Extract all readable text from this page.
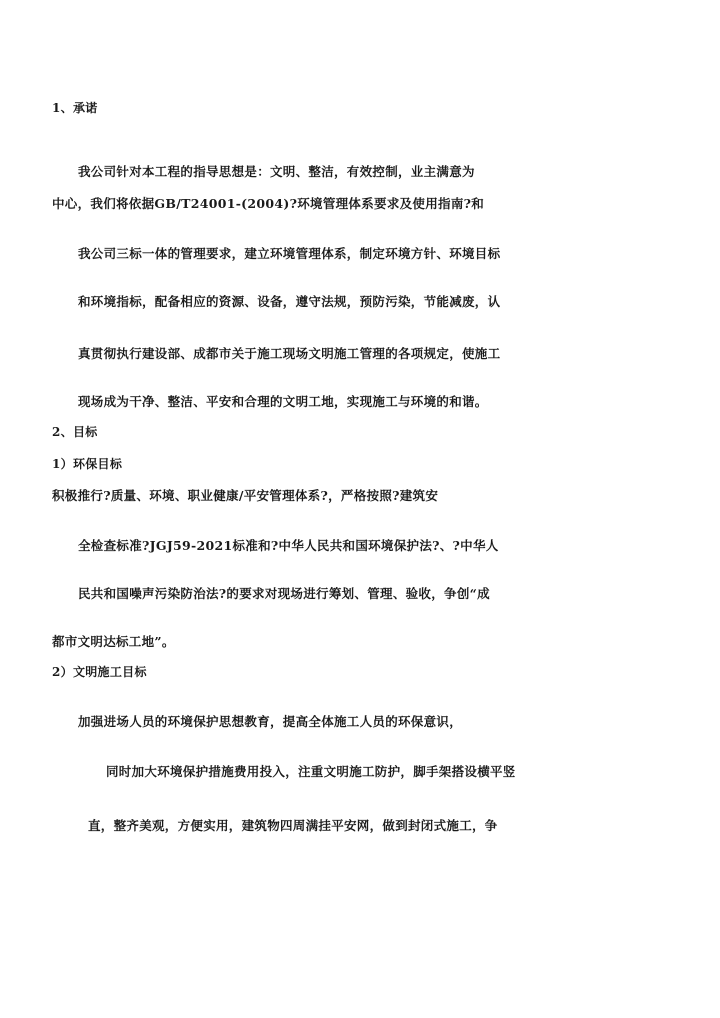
1、承诺
我公司针对本工程的指导思想是：文明、整洁，有效控制，业主满意为
中心，我们将依据GB/T24001-(2004)?环境管理体系要求及使用指南?和
我公司三标一体的管理要求，建立环境管理体系，制定环境方针、环境目标
和环境指标，配备相应的资源、设备，遵守法规，预防污染，节能减废，认
真贯彻执行建设部、成都市关于施工现场文明施工管理的各项规定，使施工
现场成为干净、整洁、平安和合理的文明工地，实现施工与环境的和谐。
2、目标
1）环保目标
积极推行?质量、环境、职业健康/平安管理体系?，严格按照?建筑安
全检查标准?JGJ59-2021标准和?中华人民共和国环境保护法?、?中华人
民共和国噪声污染防治法?的要求对现场进行筹划、管理、验收，争创“成
都市文明达标工地”。
2）文明施工目标
加强进场人员的环境保护思想教育，提高全体施工人员的环保意识，
同时加大环境保护措施费用投入，注重文明施工防护，脚手架搭设横平竖
直，整齐美观，方便实用，建筑物四周满挂平安网，做到封闭式施工，争
